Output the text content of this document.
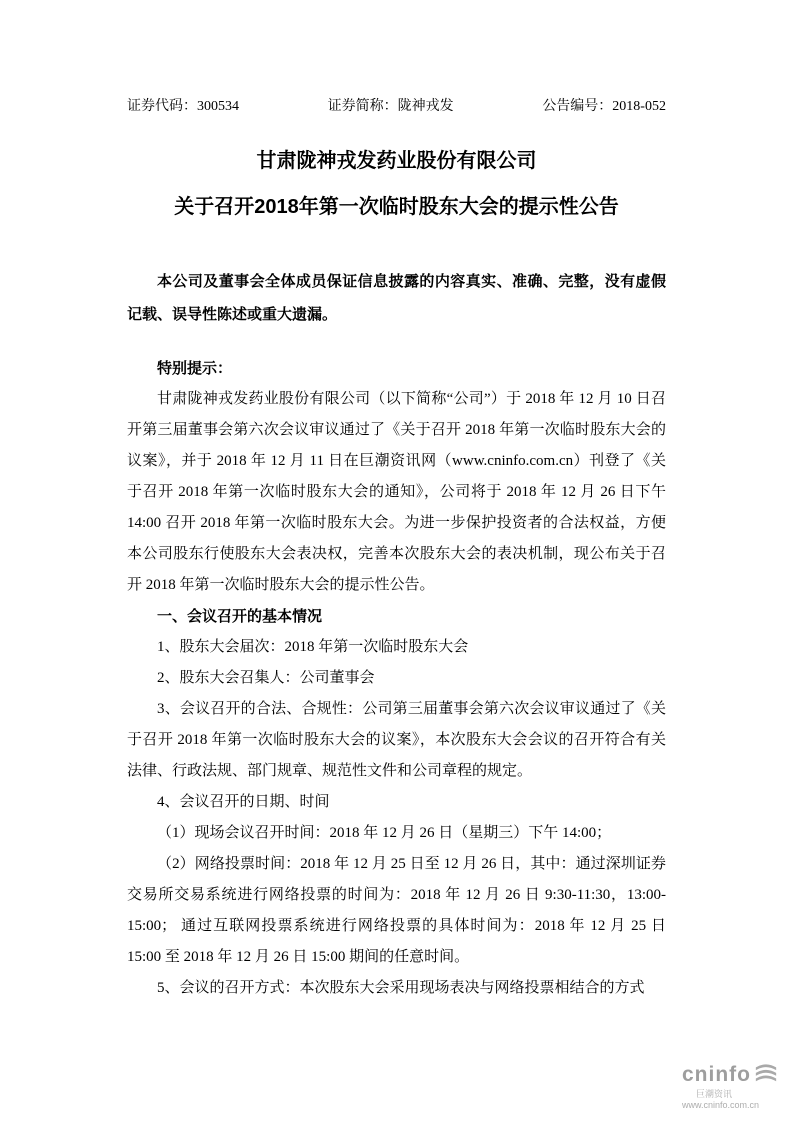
证券代码：300534	证券简称：陇神戎发	公告编号：2018-052
甘肃陇神戎发药业股份有限公司
关于召开2018年第一次临时股东大会的提示性公告

本公司及董事会全体成员保证信息披露的内容真实、准确、完整，没有虚假记载、误导性陈述或重大遗漏。

特别提示：

甘肃陇神戎发药业股份有限公司（以下简称“公司”）于 2018 年 12 月 10 日召开第三届董事会第六次会议审议通过了《关于召开 2018 年第一次临时股东大会的议案》，并于 2018 年 12 月 11 日在巨潮资讯网（www.cninfo.com.cn）刊登了《关于召开 2018 年第一次临时股东大会的通知》，公司将于 2018 年 12 月 26 日下午 14:00 召开 2018 年第一次临时股东大会。为进一步保护投资者的合法权益，方便本公司股东行使股东大会表决权，完善本次股东大会的表决机制，现公布关于召开 2018 年第一次临时股东大会的提示性公告。

一、会议召开的基本情况

1、股东大会届次：2018 年第一次临时股东大会

2、股东大会召集人：公司董事会

3、会议召开的合法、合规性：公司第三届董事会第六次会议审议通过了《关于召开 2018 年第一次临时股东大会的议案》，本次股东大会会议的召开符合有关法律、行政法规、部门规章、规范性文件和公司章程的规定。

4、会议召开的日期、时间

（1）现场会议召开时间：2018 年 12 月 26 日（星期三）下午 14:00；

（2）网络投票时间：2018 年 12 月 25 日至 12 月 26 日，其中：通过深圳证券交易所交易系统进行网络投票的时间为：2018 年 12 月 26 日 9:30-11:30，13:00-15:00； 通过互联网投票系统进行网络投票的具体时间为：2018 年 12 月 25 日 15:00 至 2018 年 12 月 26 日 15:00 期间的任意时间。

5、会议的召开方式：本次股东大会采用现场表决与网络投票相结合的方式

cninfo
巨潮资讯
www.cninfo.com.cn
